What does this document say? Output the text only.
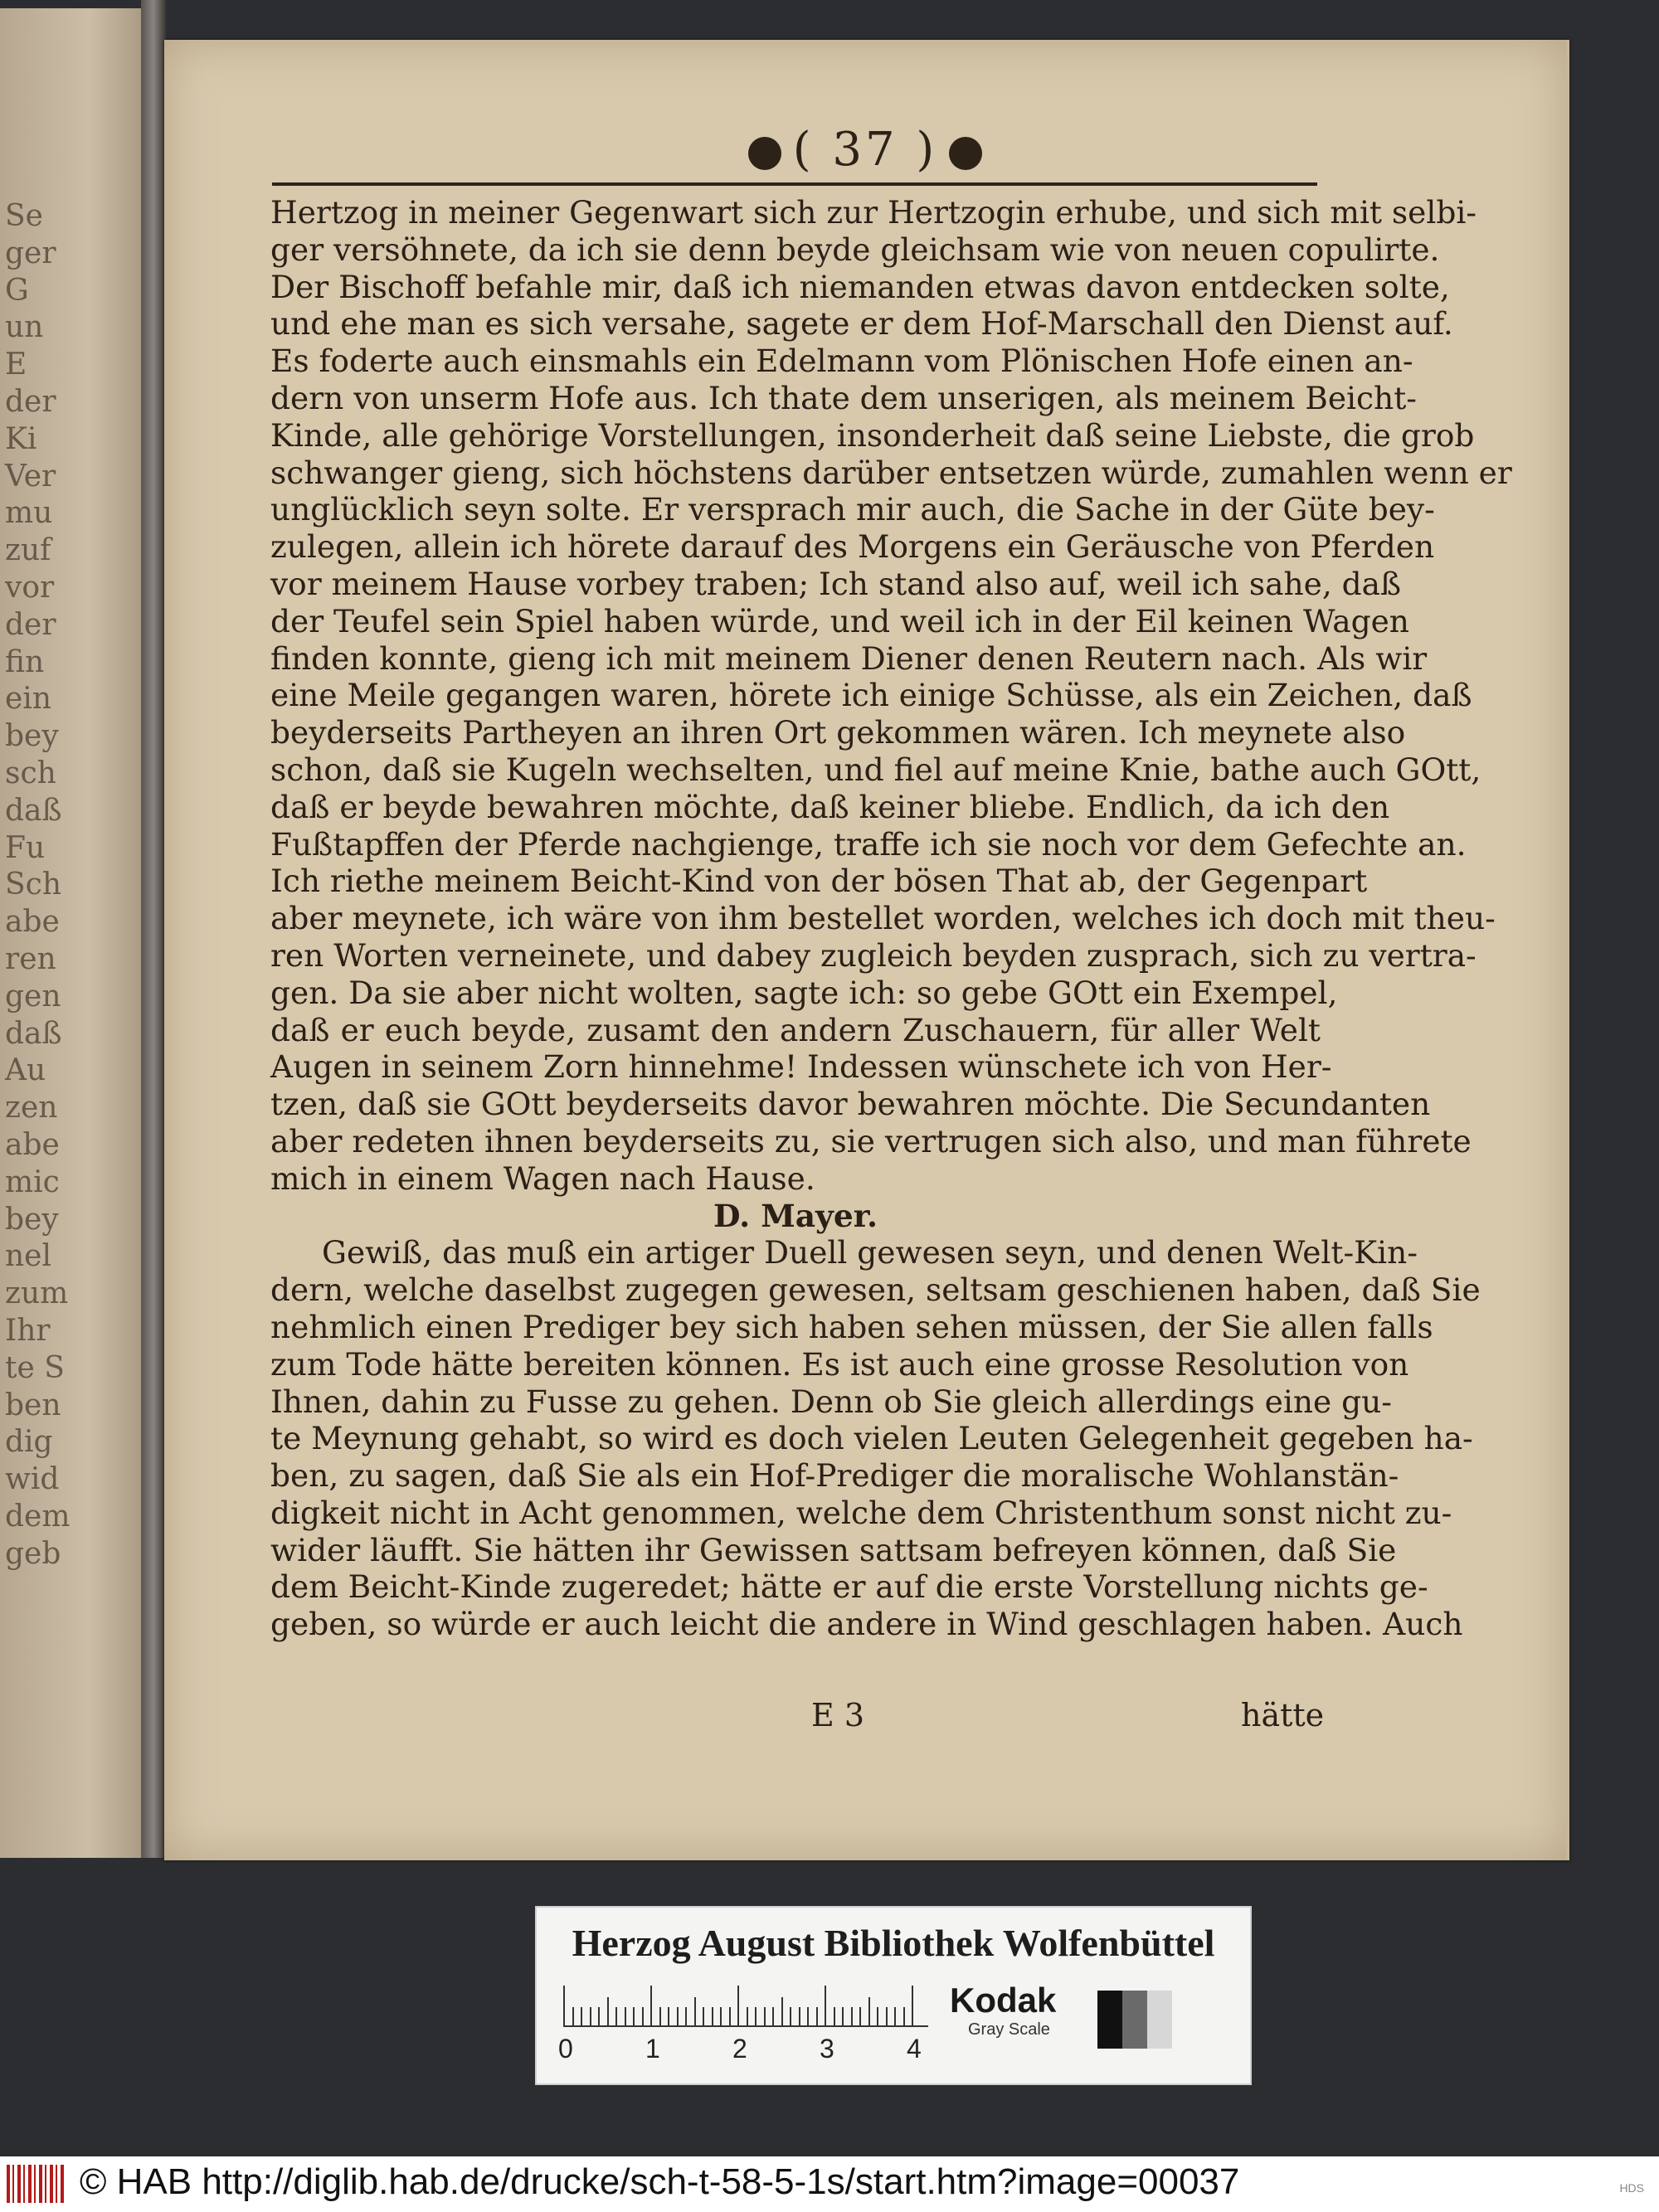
Se
ger
G
un
E
der
Ki
Ver
mu
zuf
vor
der
fin
ein
bey
sch
daß
Fu
Sch
abe
ren
gen
daß
Au
zen
abe
mic
bey
nel
zum
Ihr
te S
ben
dig
wid
dem
geb
( 37 )
Hertzog in meiner Gegenwart sich zur Hertzogin erhube, und sich mit selbi-
ger versöhnete, da ich sie denn beyde gleichsam wie von neuen copulirte.
Der Bischoff befahle mir, daß ich niemanden etwas davon entdecken solte,
und ehe man es sich versahe, sagete er dem Hof-Marschall den Dienst auf.
Es foderte auch einsmahls ein Edelmann vom Plönischen Hofe einen an-
dern von unserm Hofe aus. Ich thate dem unserigen, als meinem Beicht-
Kinde, alle gehörige Vorstellungen, insonderheit daß seine Liebste, die grob
schwanger gieng, sich höchstens darüber entsetzen würde, zumahlen wenn er
unglücklich seyn solte. Er versprach mir auch, die Sache in der Güte bey-
zulegen, allein ich hörete darauf des Morgens ein Geräusche von Pferden
vor meinem Hause vorbey traben; Ich stand also auf, weil ich sahe, daß
der Teufel sein Spiel haben würde, und weil ich in der Eil keinen Wagen
finden konnte, gieng ich mit meinem Diener denen Reutern nach. Als wir
eine Meile gegangen waren, hörete ich einige Schüsse, als ein Zeichen, daß
beyderseits Partheyen an ihren Ort gekommen wären. Ich meynete also
schon, daß sie Kugeln wechselten, und fiel auf meine Knie, bathe auch GOtt,
daß er beyde bewahren möchte, daß keiner bliebe. Endlich, da ich den
Fußtapffen der Pferde nachgienge, traffe ich sie noch vor dem Gefechte an.
Ich riethe meinem Beicht-Kind von der bösen That ab, der Gegenpart
aber meynete, ich wäre von ihm bestellet worden, welches ich doch mit theu-
ren Worten verneinete, und dabey zugleich beyden zusprach, sich zu vertra-
gen. Da sie aber nicht wolten, sagte ich: so gebe GOtt ein Exempel,
daß er euch beyde, zusamt den andern Zuschauern, für aller Welt
Augen in seinem Zorn hinnehme! Indessen wünschete ich von Her-
tzen, daß sie GOtt beyderseits davor bewahren möchte. Die Secundanten
aber redeten ihnen beyderseits zu, sie vertrugen sich also, und man führete
mich in einem Wagen nach Hause.
D. Mayer.
Gewiß, das muß ein artiger Duell gewesen seyn, und denen Welt-Kin-
dern, welche daselbst zugegen gewesen, seltsam geschienen haben, daß Sie
nehmlich einen Prediger bey sich haben sehen müssen, der Sie allen falls
zum Tode hätte bereiten können. Es ist auch eine grosse Resolution von
Ihnen, dahin zu Fusse zu gehen. Denn ob Sie gleich allerdings eine gu-
te Meynung gehabt, so wird es doch vielen Leuten Gelegenheit gegeben ha-
ben, zu sagen, daß Sie als ein Hof-Prediger die moralische Wohlanstän-
digkeit nicht in Acht genommen, welche dem Christenthum sonst nicht zu-
wider läufft. Sie hätten ihr Gewissen sattsam befreyen können, daß Sie
dem Beicht-Kinde zugeredet; hätte er auf die erste Vorstellung nichts ge-
geben, so würde er auch leicht die andere in Wind geschlagen haben. Auch
E 3	hätte
Herzog August Bibliothek Wolfenbüttel
0	1	2	3	4
Kodak
Gray Scale
© HAB http://diglib.hab.de/drucke/sch-t-58-5-1s/start.htm?image=00037	HDS
